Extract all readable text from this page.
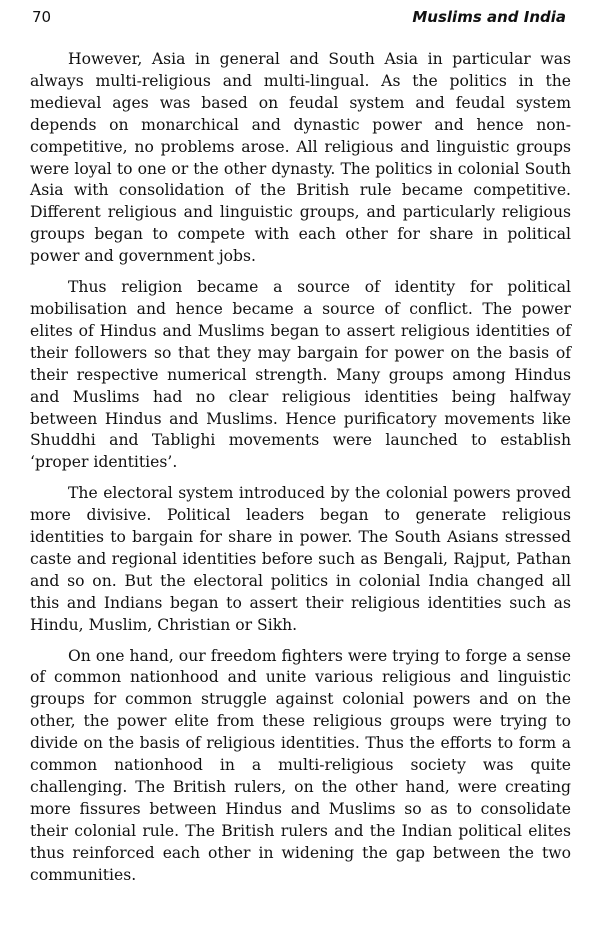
70	Muslims and India

However, Asia in general and South Asia in particular was always multi-religious and multi-lingual. As the politics in the medieval ages was based on feudal system and feudal system depends on monarchical and dynastic power and hence non-competitive, no problems arose. All religious and linguistic groups were loyal to one or the other dynasty. The politics in colonial South Asia with consolidation of the British rule became competitive. Different religious and linguistic groups, and particularly religious groups began to compete with each other for share in political power and government jobs.

Thus religion became a source of identity for political mobilisation and hence became a source of conflict. The power elites of Hindus and Muslims began to assert religious identities of their followers so that they may bargain for power on the basis of their respective numerical strength. Many groups among Hindus and Muslims had no clear religious identities being halfway between Hindus and Muslims. Hence purificatory movements like Shuddhi and Tablighi movements were launched to establish ‘proper identities’.

The electoral system introduced by the colonial powers proved more divisive. Political leaders began to generate religious identities to bargain for share in power. The South Asians stressed caste and regional identities before such as Bengali, Rajput, Pathan and so on. But the electoral politics in colonial India changed all this and Indians began to assert their religious identities such as Hindu, Muslim, Christian or Sikh.

On one hand, our freedom fighters were trying to forge a sense of common nationhood and unite various religious and linguistic groups for common struggle against colonial powers and on the other, the power elite from these religious groups were trying to divide on the basis of religious identities. Thus the efforts to form a common nationhood in a multi-religious society was quite challenging. The British rulers, on the other hand, were creating more fissures between Hindus and Muslims so as to consolidate their colonial rule. The British rulers and the Indian political elites thus reinforced each other in widening the gap between the two communities.
